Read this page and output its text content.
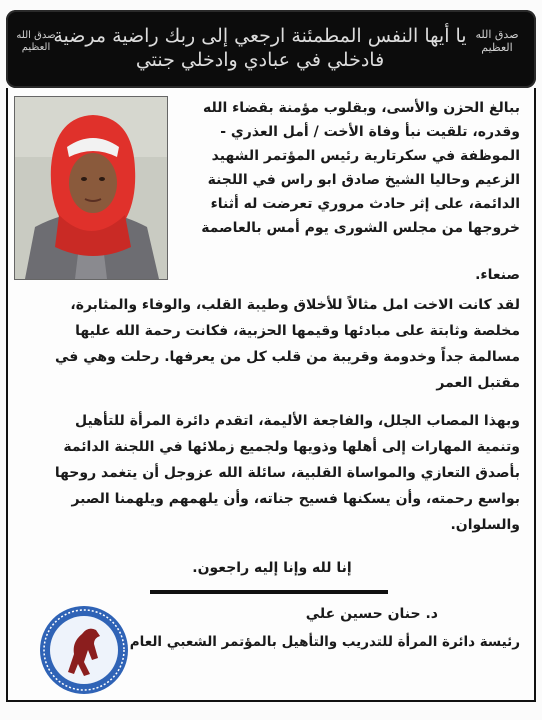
صدق الله العظيم
يا أيها النفس المطمئنة ارجعي إلى ربك راضية مرضية فادخلي في عبادي وادخلي جنتي
صدق الله العظيم
ببالغ الحزن والأسى، وبقلوب مؤمنة بقضاء الله
وقدره، تلقيت نبأ وفاة الأخت / أمل العذري -
الموظفة في سكرتارية رئيس المؤتمر الشهيد
الزعيم وحاليا الشيخ صادق ابو راس في اللجنة
الدائمة، على إثر حادث مروري تعرضت له أثناء
خروجها من مجلس الشورى يوم أمس بالعاصمة
صنعاء.
لقد كانت الاخت امل مثالاً للأخلاق وطيبة القلب، والوفاء والمثابرة،
مخلصة وثابتة على مبادئها وقيمها الحزبية، فكانت رحمة الله عليها
مسالمة جداً وخدومة وقريبة من قلب كل من يعرفها. رحلت وهي في
مقتبل العمر
وبهذا المصاب الجلل، والفاجعة الأليمة، اتقدم دائرة المرأة للتأهيل
وتنمية المهارات إلى أهلها وذويها ولجميع زملائها في اللجنة الدائمة
بأصدق التعازي والمواساة القلبية، سائلة الله عزوجل أن يتغمد روحها
بواسع رحمته، وأن يسكنها فسيح جناته، وأن يلهمهم ويلهمنا الصبر
والسلوان.
إنا لله وإنا إليه راجعون.
د. حنان حسين علي
رئيسة دائرة المرأة للتدريب والتأهيل بالمؤتمر الشعبي العام
